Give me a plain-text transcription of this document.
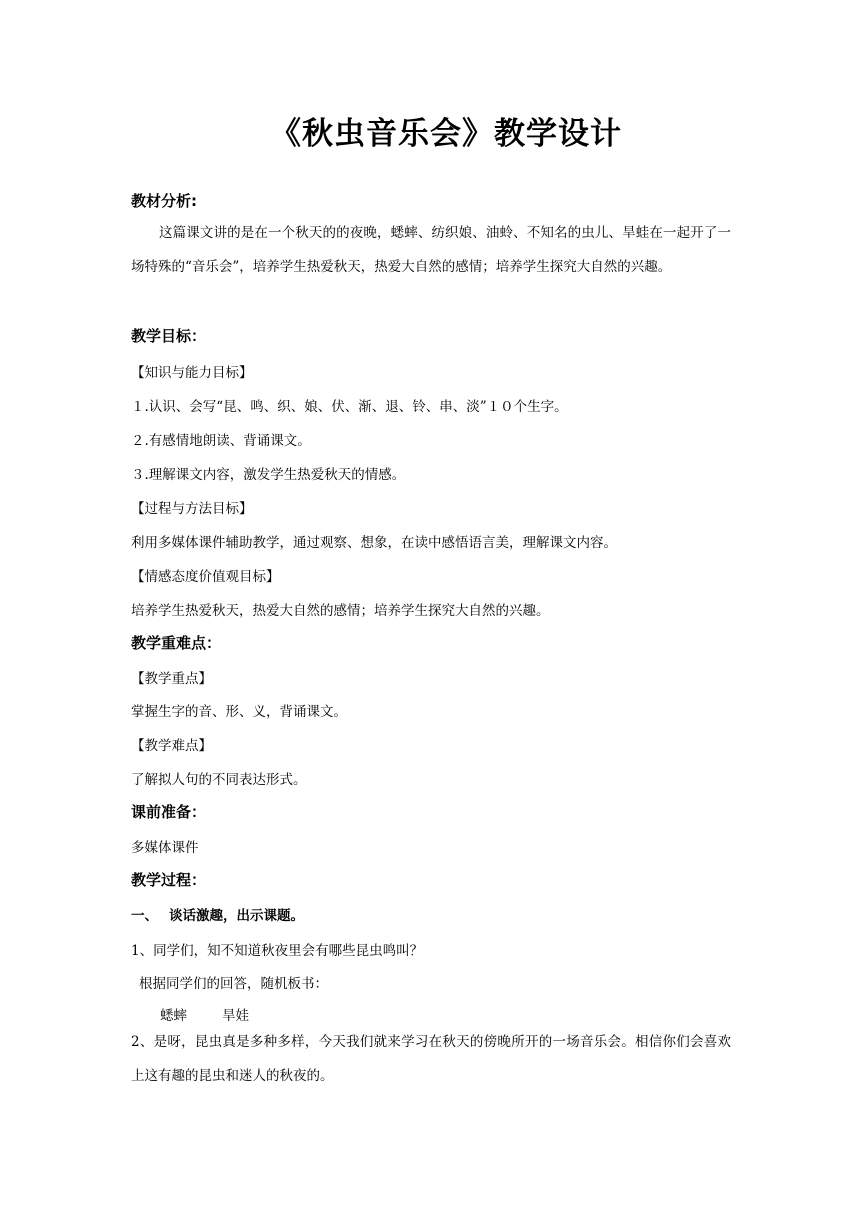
《秋虫音乐会》教学设计
教材分析:
这篇课文讲的是在一个秋天的的夜晚，蟋蟀、纺织娘、油蛉、不知名的虫儿、旱蛙在一起开了一场特殊的“音乐会”，培养学生热爱秋天，热爱大自然的感情；培养学生探究大自然的兴趣。
教学目标：
【知识与能力目标】
１.认识、会写“昆、鸣、织、娘、伏、渐、退、铃、串、淡”１０个生字。
２.有感情地朗读、背诵课文。
３.理解课文内容，激发学生热爱秋天的情感。
【过程与方法目标】
利用多媒体课件辅助教学，通过观察、想象，在读中感悟语言美，理解课文内容。
【情感态度价值观目标】
培养学生热爱秋天，热爱大自然的感情；培养学生探究大自然的兴趣。
教学重难点：
【教学重点】
掌握生字的音、形、义，背诵课文。
【教学难点】
了解拟人句的不同表达形式。
课前准备：
多媒体课件
教学过程：
一、 谈话激趣，出示课题。
1、同学们，知不知道秋夜里会有哪些昆虫鸣叫？
根据同学们的回答，随机板书：
蟋蟀	旱娃
2、是呀，昆虫真是多种多样，今天我们就来学习在秋天的傍晚所开的一场音乐会。相信你们会喜欢上这有趣的昆虫和迷人的秋夜的。
